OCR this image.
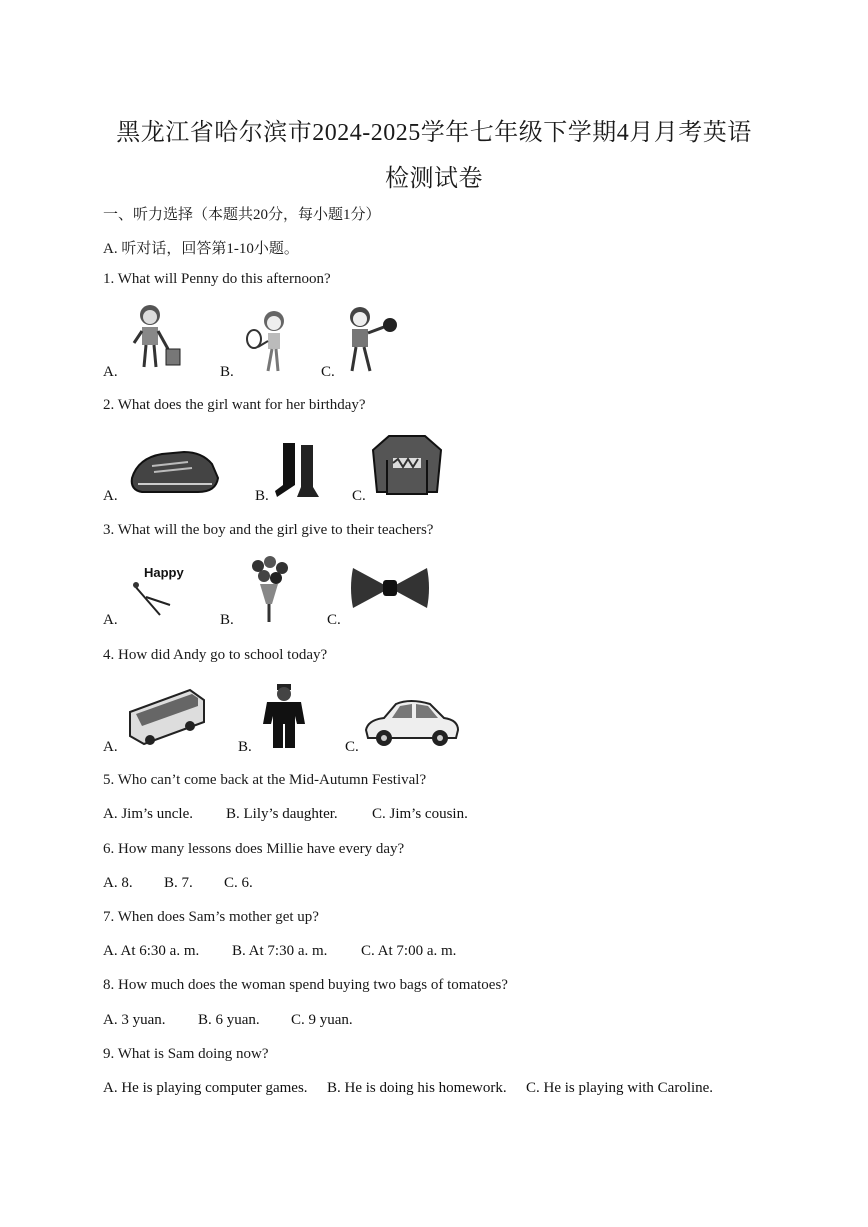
黑龙江省哈尔滨市2024-2025学年七年级下学期4月月考英语
检测试卷
一、听力选择（本题共20分，每小题1分）
A. 听对话，回答第1-10小题。
1. What will Penny do this afternoon?
A.	B.	C.
2. What does the girl want for her birthday?
A.	B.	C.
3. What will the boy and the girl give to their teachers?
A.
Happy
B.	C.
4. How did Andy go to school today?
A.	B.	C.
5. Who can’t come back at the Mid-Autumn Festival?
A. Jim’s uncle. B. Lily’s daughter. C. Jim’s cousin.
6. How many lessons does Millie have every day?
A. 8. B. 7. C. 6.
7. When does Sam’s mother get up?
A. At 6:30 a. m. B. At 7:30 a. m. C. At 7:00 a. m.
8. How much does the woman spend buying two bags of tomatoes?
A. 3 yuan. B. 6 yuan. C. 9 yuan.
9. What is Sam doing now?
A. He is playing computer games. B. He is doing his homework. C. He is playing with Caroline.
